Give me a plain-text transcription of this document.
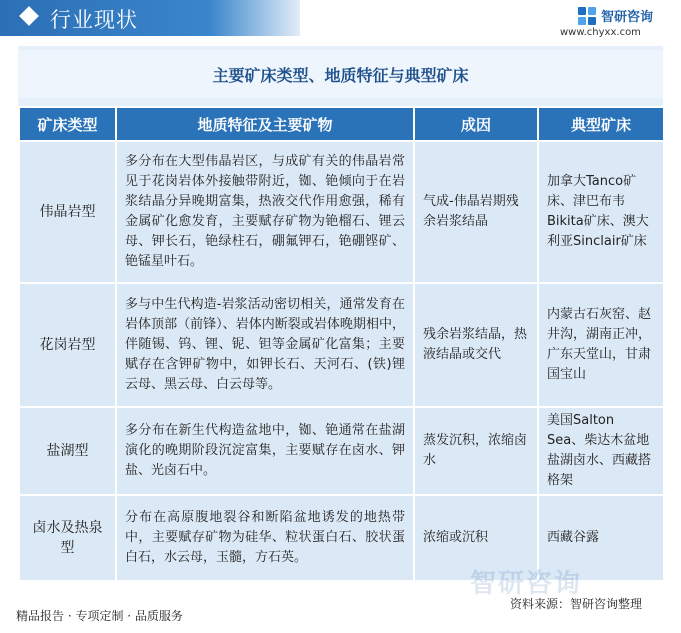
行业现状	智研咨询
www.chyxx.com
主要矿床类型、地质特征与典型矿床
矿床类型	地质特征及主要矿物	成因	典型矿床
伟晶岩型	多分布在大型伟晶岩区，与成矿有关的伟晶岩常见于花岗岩体外接触带附近，铷、铯倾向于在岩浆结晶分异晚期富集，热液交代作用愈强，稀有金属矿化愈发育，主要赋存矿物为铯榴石、锂云母、钾长石，铯绿柱石，硼氟钾石，铯硼铿矿、铯锰星叶石。	气成-伟晶岩期残余岩浆结晶	加拿大Tanco矿床、津巴布韦Bikita矿床、澳大利亚Sinclair矿床
花岗岩型	多与中生代构造-岩浆活动密切相关，通常发育在岩体顶部（前锋）、岩体内断裂或岩体晚期相中，伴随锡、钨、锂、铌、钽等金属矿化富集；主要赋存在含钾矿物中，如钾长石、天河石、(铁)锂云母、黑云母、白云母等。	残余岩浆结晶，热液结晶或交代	内蒙古石灰窑、赵井沟，湖南正冲，广东天堂山，甘肃国宝山
盐湖型	多分布在新生代构造盆地中，铷、铯通常在盐湖演化的晚期阶段沉淀富集，主要赋存在卤水、钾盐、光卤石中。	蒸发沉积，浓缩卤水	美国Salton Sea、柴达木盆地盐湖卤水、西藏搭格架
卤水及热泉型	分布在高原腹地裂谷和断陷盆地诱发的地热带中，主要赋存矿物为硅华、粒状蛋白石、胶状蛋白石，水云母，玉髓，方石英。	浓缩或沉积	西藏谷露
智研咨询
资料来源：智研咨询整理
精品报告 · 专项定制 · 品质服务
